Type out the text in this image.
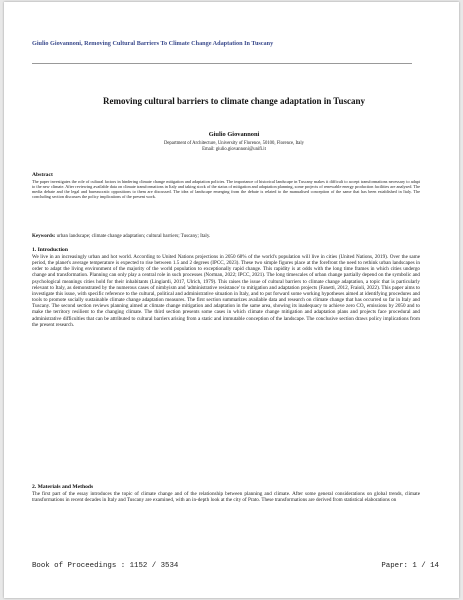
Giulio Giovannoni, Removing Cultural Barriers To Climate Change Adaptation In Tuscany
Removing cultural barriers to climate change adaptation in Tuscany
Giulio Giovannoni
Department of Architecture, University of Florence, 50100, Florence, Italy
Email: giulio.giovannoni@unifi.it
Abstract
The paper investigates the role of cultural factors in hindering climate change mitigation and adaptation policies. The importance of historical landscape in Tuscany makes it difficult to accept transformations necessary to adapt to the new climate. After reviewing available data on climate transformations in Italy and taking stock of the status of mitigation and adaptation planning, some projects of renewable energy production facilities are analysed. The media debate and the legal and bureaucratic oppositions to them are discussed. The idea of landscape emerging from the debate is related to the manualised conception of the same that has been established in Italy. The concluding section discusses the policy implications of the present work.
Keywords: urban landscape; climate change adaptation; cultural barriers; Tuscany; Italy.
1. Introduction
We live in an increasingly urban and hot world. According to United Nations projections in 2050 68% of the world's population will live in cities (United Nations, 2019). Over the same period, the planet's average temperature is expected to rise between 1.5 and 2 degrees (IPCC, 2023). These two simple figures place at the forefront the need to rethink urban landscapes in order to adapt the living environment of the majority of the world population to exceptionally rapid change. This rapidity is at odds with the long time frames in which cities undergo change and transformation. Planning can only play a central role in such processes (Norman, 2022; IPCC, 2021). The long timescales of urban change partially depend on the symbolic and psychological meanings cities hold for their inhabitants (Lingiardi, 2017, Ulrich, 1979). This raises the issue of cultural barriers to climate change adaptation, a topic that is particularly relevant to Italy, as demonstrated by the numerous cases of nimbyism and 'administrative resistance' to mitigation and adaptation projects (Fanetti, 2012, Fraioli, 2022). This paper aims to investigate this issue, with specific reference to the cultural, political and administrative situation in Italy, and to put forward some working hypotheses aimed at identifying procedures and tools to promote socially sustainable climate change adaptation measures. The first section summarizes available data and research on climate change that has occurred so far in Italy and Tuscany. The second section reviews planning aimed at climate change mitigation and adaptation in the same area, showing its inadequacy to achieve zero CO₂ emissions by 2050 and to make the territory resilient to the changing climate. The third section presents some cases in which climate change mitigation and adaptation plans and projects face procedural and administrative difficulties that can be attributed to cultural barriers arising from a static and immutable conception of the landscape. The conclusive section draws policy implications from the present research.
2. Materials and Methods
The first part of the essay introduces the topic of climate change and of the relationship between planning and climate. After some general considerations on global trends, climate transformations in recent decades in Italy and Tuscany are examined, with an in-depth look at the city of Prato. These transformations are derived from statistical elaborations on
Book of Proceedings : 1152 / 3534	Paper: 1 / 14
